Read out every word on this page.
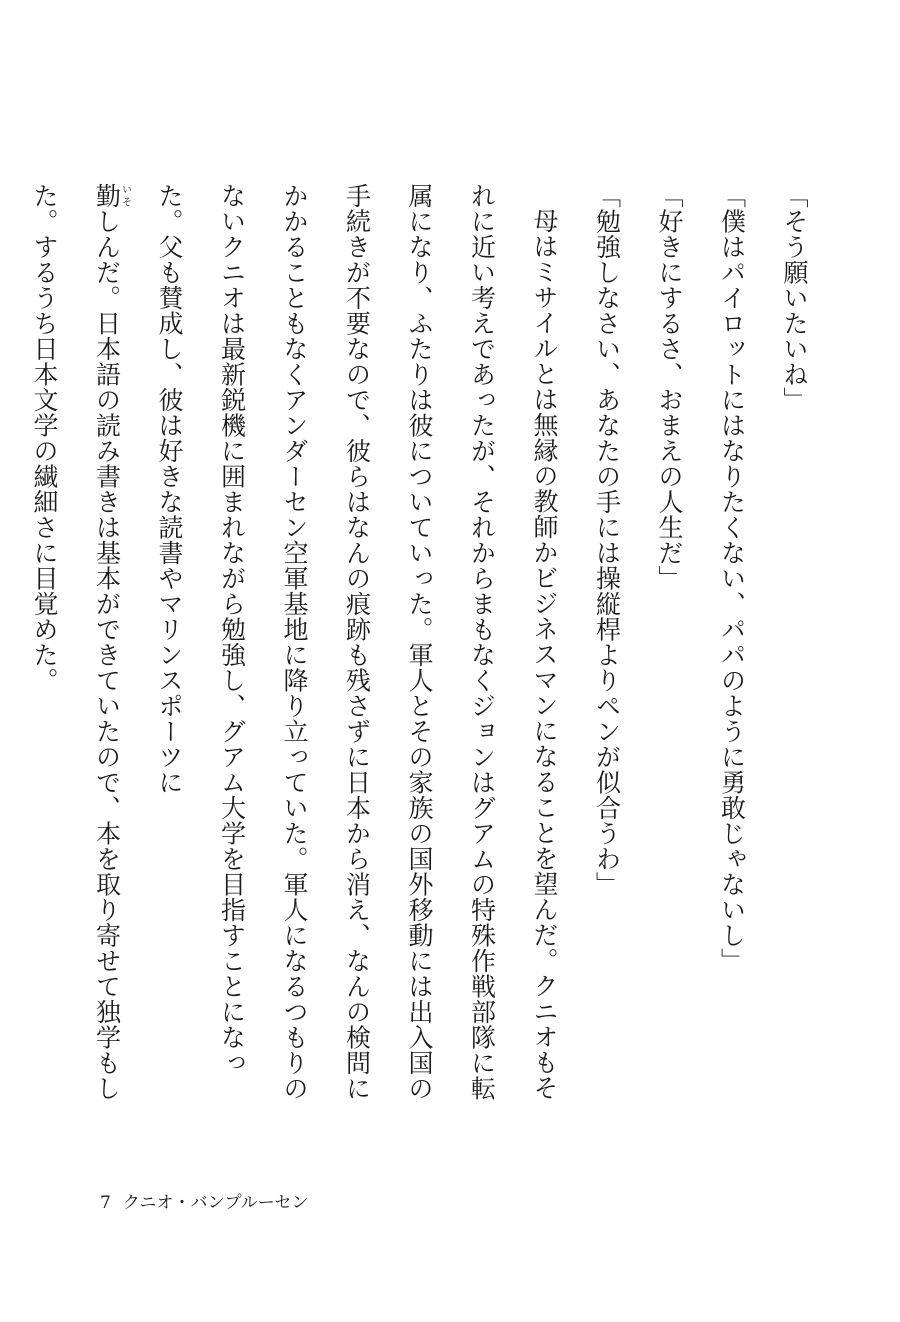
「そう願いたいね」

「僕はパイロットにはなりたくない、パパのように勇敢じゃないし」

「好きにするさ、おまえの人生だ」

「勉強しなさい、あなたの手には操縦桿よりペンが似合うわ」

母はミサイルとは無縁の教師かビジネスマンになることを望んだ。クニオもそれに近い考えであったが、それからまもなくジョンはグアムの特殊作戦部隊に転属になり、ふたりは彼についていった。軍人とその家族の国外移動には出入国の手続きが不要なので、彼らはなんの痕跡も残さずに日本から消え、なんの検問にかかることもなくアンダーセン空軍基地に降り立っていた。軍人になるつもりのないクニオは最新鋭機に囲まれながら勉強し、グアム大学を目指すことになった。父も賛成し、彼は好きな読書やマリンスポーツに

勤いそしんだ。日本語の読み書きは基本ができていたので、本を取り寄せて独学もした。するうち日本文学の繊細さに目覚めた。

7 クニオ・バンプルーセン
